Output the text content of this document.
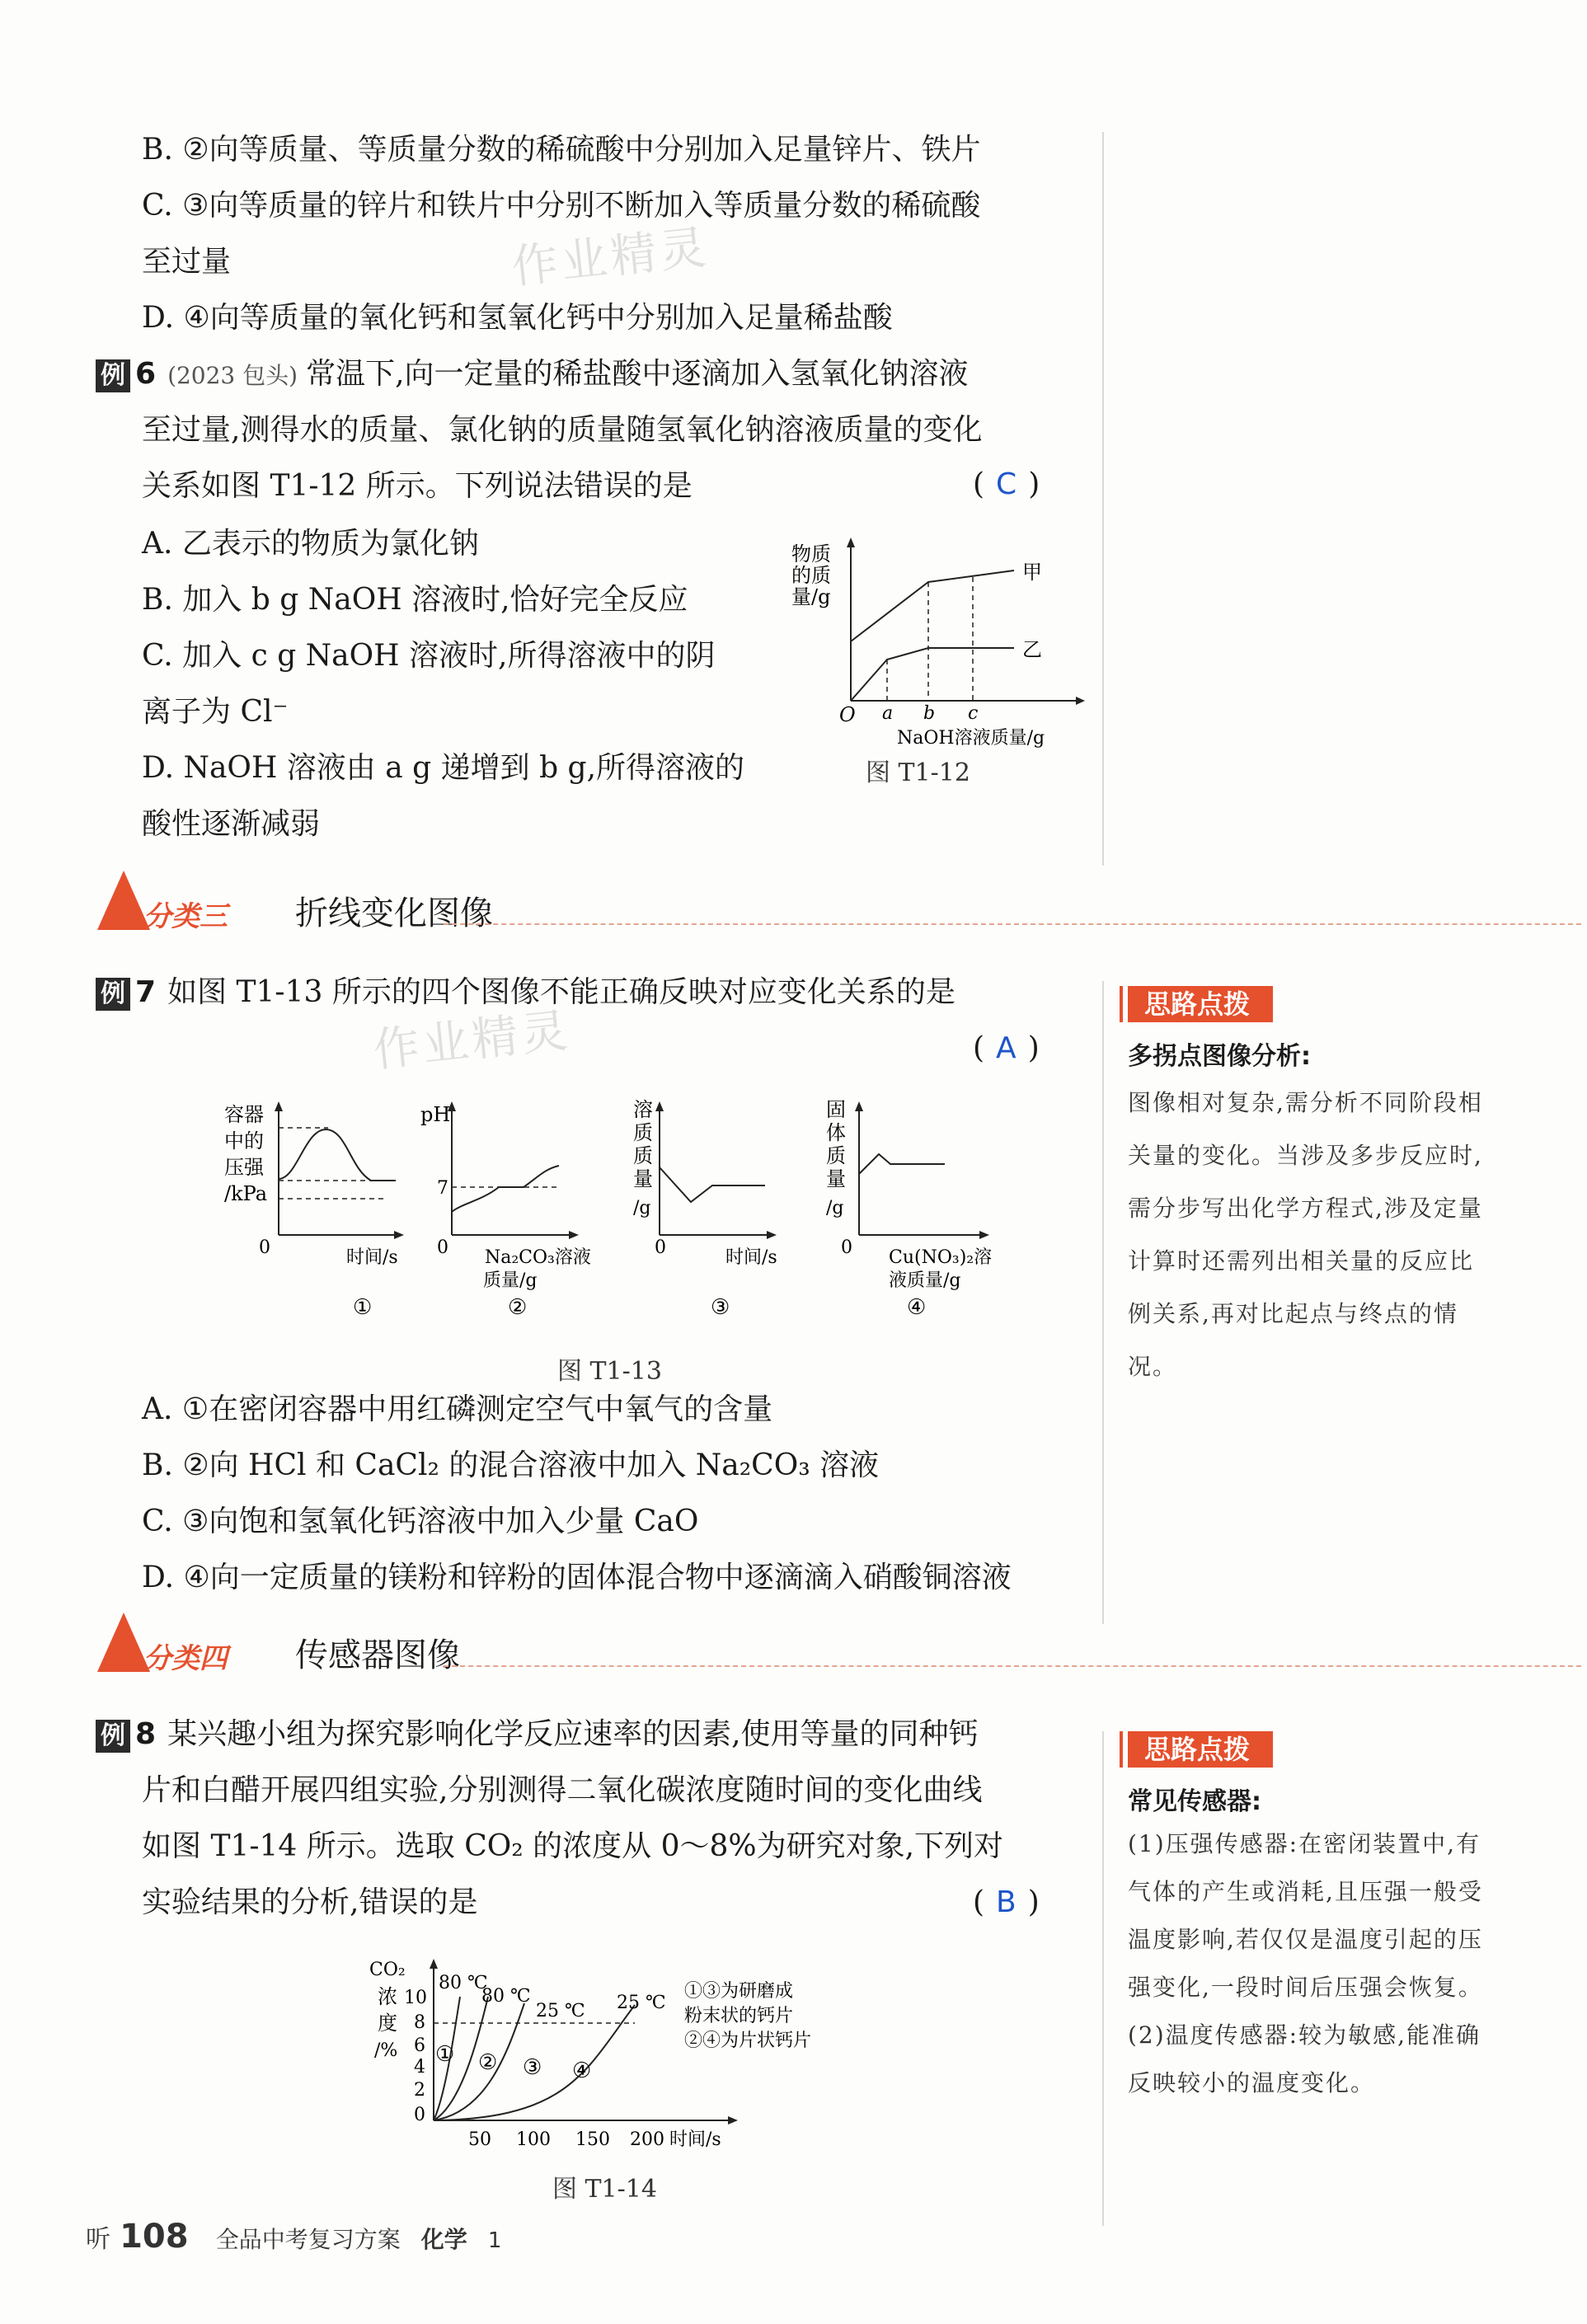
B. ②向等质量、等质量分数的稀硫酸中分别加入足量锌片、铁片
C. ③向等质量的锌片和铁片中分别不断加入等质量分数的稀硫酸
至过量
D. ④向等质量的氧化钙和氢氧化钙中分别加入足量稀盐酸
作业精灵
例 6 (2023 包头) 常温下,向一定量的稀盐酸中逐滴加入氢氧化钠溶液
至过量,测得水的质量、氯化钠的质量随氢氧化钠溶液质量的变化
关系如图 T1-12 所示。下列说法错误的是	( C )
A. 乙表示的物质为氯化钠
B. 加入 b g NaOH 溶液时,恰好完全反应
C. 加入 c g NaOH 溶液时,所得溶液中的阴
离子为 Cl⁻
D. NaOH 溶液由 a g 递增到 b g,所得溶液的
酸性逐渐减弱
物质
的质
量/g
O a b c
NaOH溶液质量/g
甲
乙
图 T1-12
分类三 折线变化图像
例 7 如图 T1-13 所示的四个图像不能正确反映对应变化关系的是
作业精灵	( A )
容器
中的
压强
/kPa
0	时间/s
①
pH
7
0 Na₂CO₃溶液
质量/g
②
溶
质
质
量
/g
0	时间/s
③
固
体
质
量
/g
0 Cu(NO₃)₂溶
液质量/g
④
图 T1-13
A. ①在密闭容器中用红磷测定空气中氧气的含量
B. ②向 HCl 和 CaCl₂ 的混合溶液中加入 Na₂CO₃ 溶液
C. ③向饱和氢氧化钙溶液中加入少量 CaO
D. ④向一定质量的镁粉和锌粉的固体混合物中逐滴滴入硝酸铜溶液
思路点拨
多拐点图像分析:
图像相对复杂,需分析不同阶段相关量的变化。当涉及多步反应时,需分步写出化学方程式,涉及定量计算时还需列出相关量的反应比例关系,再对比起点与终点的情况。
分类四 传感器图像
例 8 某兴趣小组为探究影响化学反应速率的因素,使用等量的同种钙
片和白醋开展四组实验,分别测得二氧化碳浓度随时间的变化曲线
如图 T1-14 所示。选取 CO₂ 的浓度从 0～8%为研究对象,下列对
实验结果的分析,错误的是	( B )
CO₂
浓
度
/%
10
8
6
4
2
0
50 100 150 200 时间/s
80 ℃
80 ℃
25 ℃ 25 ℃
① ② ③ ④
①③为研磨成
粉末状的钙片
②④为片状钙片
图 T1-14
思路点拨
常见传感器:
(1)压强传感器:在密闭装置中,有气体的产生或消耗,且压强一般受温度影响,若仅仅是温度引起的压强变化,一段时间后压强会恢复。
(2)温度传感器:较为敏感,能准确反映较小的温度变化。
听 108 全品中考复习方案 化学 1
